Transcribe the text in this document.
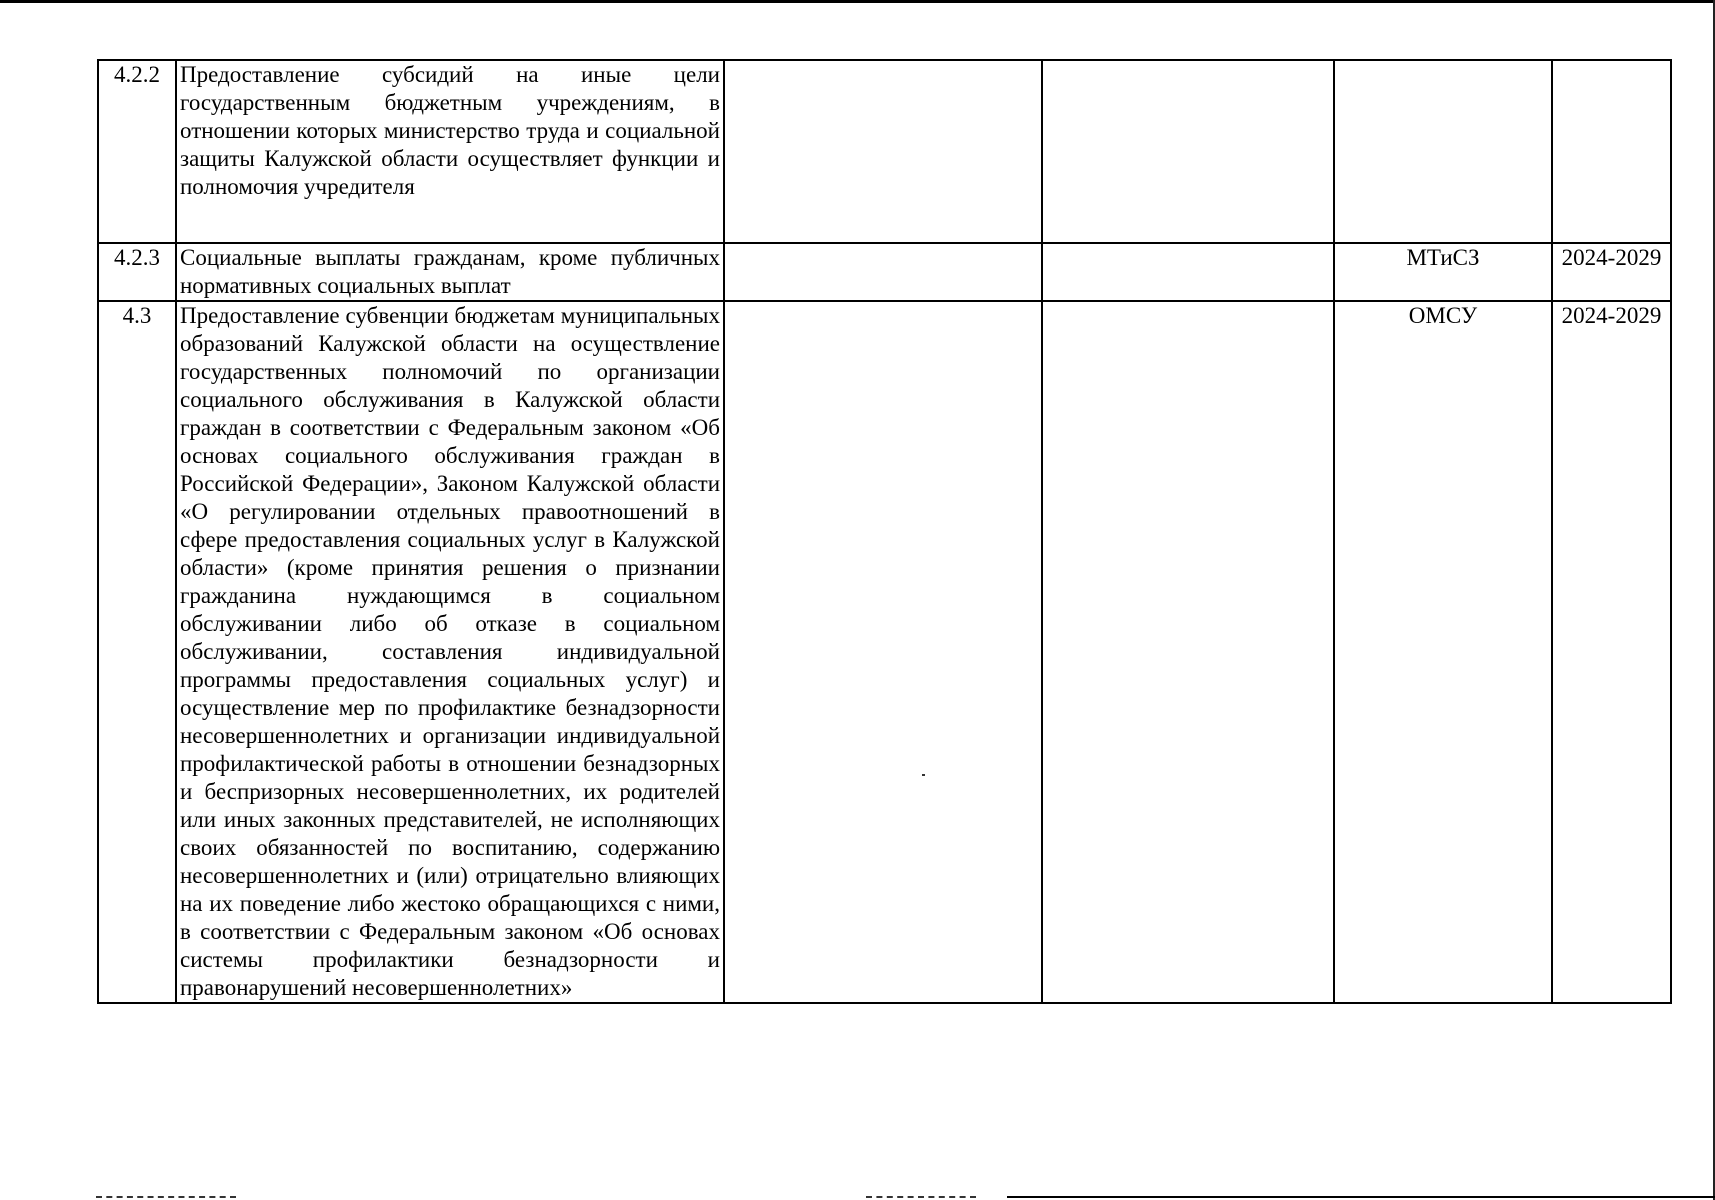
4.2.2	Предоставление субсидий на иные цели государственным бюджетным учреждениям, в отношении которых министерство труда и социальной защиты Калужской области осуществляет функции и полномочия учредителя				
4.2.3	Социальные выплаты гражданам, кроме публичных нормативных социальных выплат			МТиСЗ	2024-2029
4.3	Предоставление субвенции бюджетам муниципальных образований Калужской области на осуществление государственных полномочий по организации социального обслуживания в Калужской области граждан в соответствии с Федеральным законом «Об основах социального обслуживания граждан в Российской Федерации», Законом Калужской области «О регулировании отдельных правоотношений в сфере предоставления социальных услуг в Калужской области» (кроме принятия решения о признании гражданина нуждающимся в социальном обслуживании либо об отказе в социальном обслуживании, составления индивидуальной программы предоставления социальных услуг) и осуществление мер по профилактике безнадзорности несовершеннолетних и организации индивидуальной профилактической работы в отношении безнадзорных и беспризорных несовершеннолетних, их родителей или иных законных представителей, не исполняющих своих обязанностей по воспитанию, содержанию несовершеннолетних и (или) отрицательно влияющих на их поведение либо жестоко обращающихся с ними, в соответствии с Федеральным законом «Об основах системы профилактики безнадзорности и правонарушений несовершеннолетних»			ОМСУ	2024-2029
